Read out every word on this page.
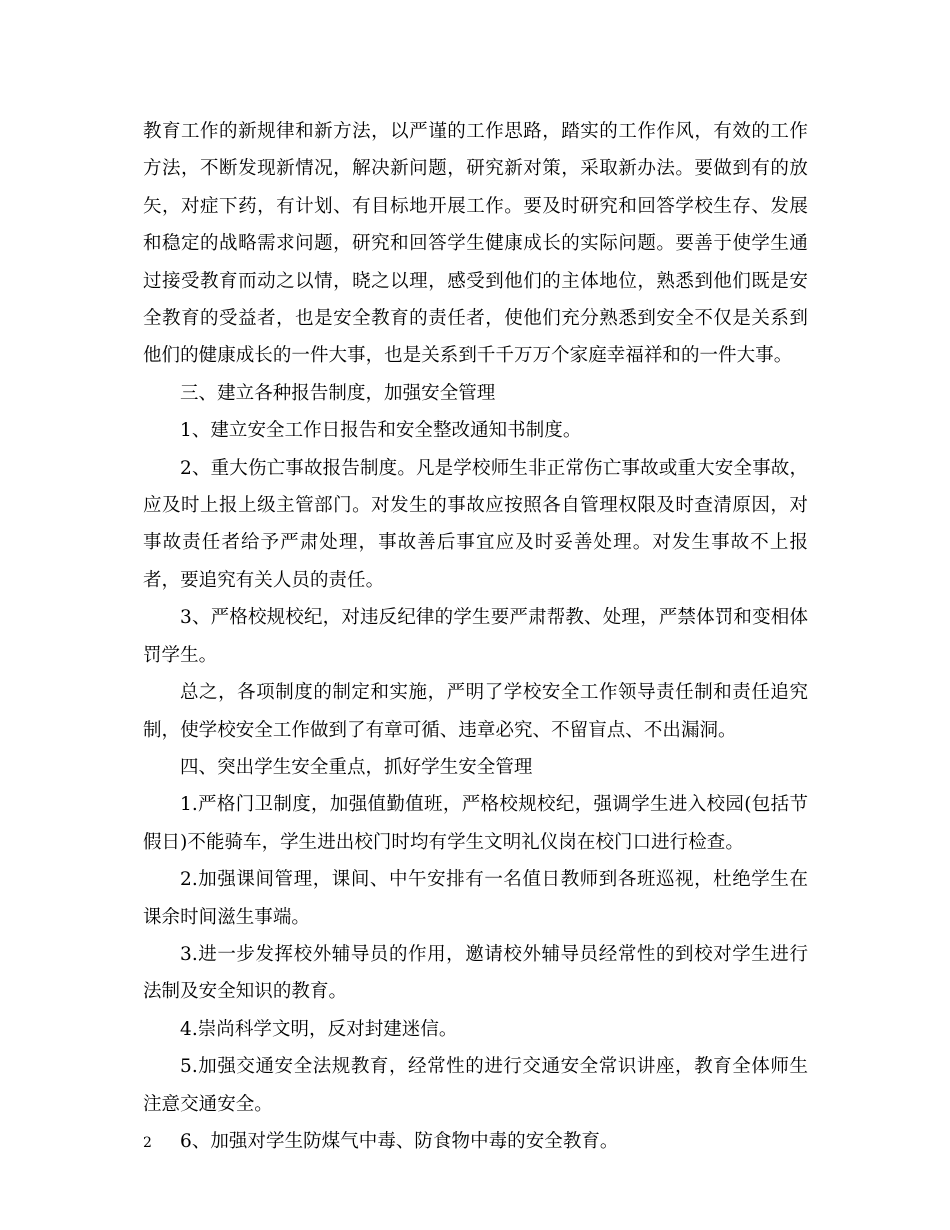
教育工作的新规律和新方法，以严谨的工作思路，踏实的工作作风，有效的工作方法，不断发现新情况，解决新问题，研究新对策，采取新办法。要做到有的放矢，对症下药，有计划、有目标地开展工作。要及时研究和回答学校生存、发展和稳定的战略需求问题，研究和回答学生健康成长的实际问题。要善于使学生通过接受教育而动之以情，晓之以理，感受到他们的主体地位，熟悉到他们既是安全教育的受益者，也是安全教育的责任者，使他们充分熟悉到安全不仅是关系到他们的健康成长的一件大事，也是关系到千千万万个家庭幸福祥和的一件大事。

三、建立各种报告制度，加强安全管理

1、建立安全工作日报告和安全整改通知书制度。

2、重大伤亡事故报告制度。凡是学校师生非正常伤亡事故或重大安全事故，应及时上报上级主管部门。对发生的事故应按照各自管理权限及时查清原因，对事故责任者给予严肃处理，事故善后事宜应及时妥善处理。对发生事故不上报者，要追究有关人员的责任。

3、严格校规校纪，对违反纪律的学生要严肃帮教、处理，严禁体罚和变相体罚学生。

总之，各项制度的制定和实施，严明了学校安全工作领导责任制和责任追究制，使学校安全工作做到了有章可循、违章必究、不留盲点、不出漏洞。

四、突出学生安全重点，抓好学生安全管理

1.严格门卫制度，加强值勤值班，严格校规校纪，强调学生进入校园(包括节假日)不能骑车，学生进出校门时均有学生文明礼仪岗在校门口进行检查。

2.加强课间管理，课间、中午安排有一名值日教师到各班巡视，杜绝学生在课余时间滋生事端。

3.进一步发挥校外辅导员的作用，邀请校外辅导员经常性的到校对学生进行法制及安全知识的教育。

4.崇尚科学文明，反对封建迷信。

5.加强交通安全法规教育，经常性的进行交通安全常识讲座，教育全体师生注意交通安全。

6、加强对学生防煤气中毒、防食物中毒的安全教育。

2
